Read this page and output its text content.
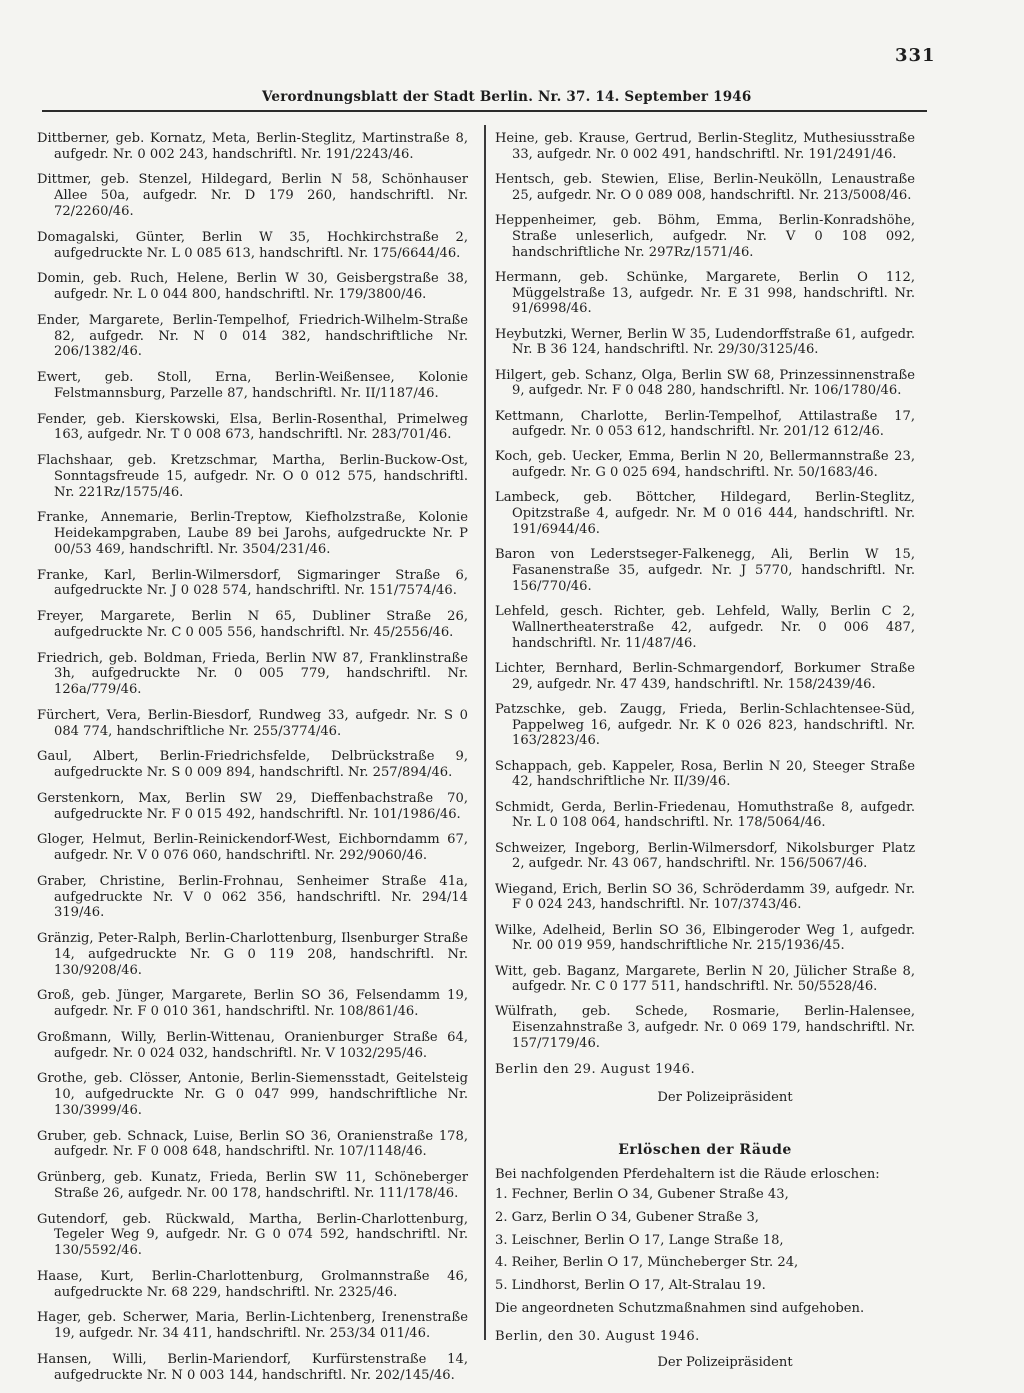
331
Verordnungsblatt der Stadt Berlin. Nr. 37. 14. September 1946

Dittberner, geb. Kornatz, Meta, Berlin-Steglitz, Martinstraße 8, aufgedr. Nr. 0 002 243, handschriftl. Nr. 191/2243/46.

Dittmer, geb. Stenzel, Hildegard, Berlin N 58, Schönhauser Allee 50a, aufgedr. Nr. D 179 260, handschriftl. Nr. 72/2260/46.

Domagalski, Günter, Berlin W 35, Hochkirchstraße 2, aufgedruckte Nr. L 0 085 613, handschriftl. Nr. 175/6644/46.

Domin, geb. Ruch, Helene, Berlin W 30, Geisbergstraße 38, aufgedr. Nr. L 0 044 800, handschriftl. Nr. 179/3800/46.

Ender, Margarete, Berlin-Tempelhof, Friedrich-Wilhelm-Straße 82, aufgedr. Nr. N 0 014 382, handschriftliche Nr. 206/1382/46.

Ewert, geb. Stoll, Erna, Berlin-Weißensee, Kolonie Felstmannsburg, Parzelle 87, handschriftl. Nr. II/1187/46.

Fender, geb. Kierskowski, Elsa, Berlin-Rosenthal, Primelweg 163, aufgedr. Nr. T 0 008 673, handschriftl. Nr. 283/701/46.

Flachshaar, geb. Kretzschmar, Martha, Berlin-Buckow-Ost, Sonntagsfreude 15, aufgedr. Nr. O 0 012 575, handschriftl. Nr. 221Rz/1575/46.

Franke, Annemarie, Berlin-Treptow, Kiefholzstraße, Kolonie Heidekampgraben, Laube 89 bei Jarohs, aufgedruckte Nr. P 00/53 469, handschriftl. Nr. 3504/231/46.

Franke, Karl, Berlin-Wilmersdorf, Sigmaringer Straße 6, aufgedruckte Nr. J 0 028 574, handschriftl. Nr. 151/7574/46.

Freyer, Margarete, Berlin N 65, Dubliner Straße 26, aufgedruckte Nr. C 0 005 556, handschriftl. Nr. 45/2556/46.

Friedrich, geb. Boldman, Frieda, Berlin NW 87, Franklinstraße 3h, aufgedruckte Nr. 0 005 779, handschriftl. Nr. 126a/779/46.

Fürchert, Vera, Berlin-Biesdorf, Rundweg 33, aufgedr. Nr. S 0 084 774, handschriftliche Nr. 255/3774/46.

Gaul, Albert, Berlin-Friedrichsfelde, Delbrückstraße 9, aufgedruckte Nr. S 0 009 894, handschriftl. Nr. 257/894/46.

Gerstenkorn, Max, Berlin SW 29, Dieffenbachstraße 70, aufgedruckte Nr. F 0 015 492, handschriftl. Nr. 101/1986/46.

Gloger, Helmut, Berlin-Reinickendorf-West, Eichborndamm 67, aufgedr. Nr. V 0 076 060, handschriftl. Nr. 292/9060/46.

Graber, Christine, Berlin-Frohnau, Senheimer Straße 41a, aufgedruckte Nr. V 0 062 356, handschriftl. Nr. 294/14 319/46.

Gränzig, Peter-Ralph, Berlin-Charlottenburg, Ilsenburger Straße 14, aufgedruckte Nr. G 0 119 208, handschriftl. Nr. 130/9208/46.

Groß, geb. Jünger, Margarete, Berlin SO 36, Felsendamm 19, aufgedr. Nr. F 0 010 361, handschriftl. Nr. 108/861/46.

Großmann, Willy, Berlin-Wittenau, Oranienburger Straße 64, aufgedr. Nr. 0 024 032, handschriftl. Nr. V 1032/295/46.

Grothe, geb. Clösser, Antonie, Berlin-Siemensstadt, Geitelsteig 10, aufgedruckte Nr. G 0 047 999, handschriftliche Nr. 130/3999/46.

Gruber, geb. Schnack, Luise, Berlin SO 36, Oranienstraße 178, aufgedr. Nr. F 0 008 648, handschriftl. Nr. 107/1148/46.

Grünberg, geb. Kunatz, Frieda, Berlin SW 11, Schöneberger Straße 26, aufgedr. Nr. 00 178, handschriftl. Nr. 111/178/46.

Gutendorf, geb. Rückwald, Martha, Berlin-Charlottenburg, Tegeler Weg 9, aufgedr. Nr. G 0 074 592, handschriftl. Nr. 130/5592/46.

Haase, Kurt, Berlin-Charlottenburg, Grolmannstraße 46, aufgedruckte Nr. 68 229, handschriftl. Nr. 2325/46.

Hager, geb. Scherwer, Maria, Berlin-Lichtenberg, Irenenstraße 19, aufgedr. Nr. 34 411, handschriftl. Nr. 253/34 011/46.

Hansen, Willi, Berlin-Mariendorf, Kurfürstenstraße 14, aufgedruckte Nr. N 0 003 144, handschriftl. Nr. 202/145/46.

Heine, geb. Krause, Gertrud, Berlin-Steglitz, Muthesiusstraße 33, aufgedr. Nr. 0 002 491, handschriftl. Nr. 191/2491/46.

Hentsch, geb. Stewien, Elise, Berlin-Neukölln, Lenaustraße 25, aufgedr. Nr. O 0 089 008, handschriftl. Nr. 213/5008/46.

Heppenheimer, geb. Böhm, Emma, Berlin-Konradshöhe, Straße unleserlich, aufgedr. Nr. V 0 108 092, handschriftliche Nr. 297Rz/1571/46.

Hermann, geb. Schünke, Margarete, Berlin O 112, Müggelstraße 13, aufgedr. Nr. E 31 998, handschriftl. Nr. 91/6998/46.

Heybutzki, Werner, Berlin W 35, Ludendorffstraße 61, aufgedr. Nr. B 36 124, handschriftl. Nr. 29/30/3125/46.

Hilgert, geb. Schanz, Olga, Berlin SW 68, Prinzessinnenstraße 9, aufgedr. Nr. F 0 048 280, handschriftl. Nr. 106/1780/46.

Kettmann, Charlotte, Berlin-Tempelhof, Attilastraße 17, aufgedr. Nr. 0 053 612, handschriftl. Nr. 201/12 612/46.

Koch, geb. Uecker, Emma, Berlin N 20, Bellermannstraße 23, aufgedr. Nr. G 0 025 694, handschriftl. Nr. 50/1683/46.

Lambeck, geb. Böttcher, Hildegard, Berlin-Steglitz, Opitzstraße 4, aufgedr. Nr. M 0 016 444, handschriftl. Nr. 191/6944/46.

Baron von Lederstseger-Falkenegg, Ali, Berlin W 15, Fasanenstraße 35, aufgedr. Nr. J 5770, handschriftl. Nr. 156/770/46.

Lehfeld, gesch. Richter, geb. Lehfeld, Wally, Berlin C 2, Wallnertheaterstraße 42, aufgedr. Nr. 0 006 487, handschriftl. Nr. 11/487/46.

Lichter, Bernhard, Berlin-Schmargendorf, Borkumer Straße 29, aufgedr. Nr. 47 439, handschriftl. Nr. 158/2439/46.

Patzschke, geb. Zaugg, Frieda, Berlin-Schlachtensee-Süd, Pappelweg 16, aufgedr. Nr. K 0 026 823, handschriftl. Nr. 163/2823/46.

Schappach, geb. Kappeler, Rosa, Berlin N 20, Steeger Straße 42, handschriftliche Nr. II/39/46.

Schmidt, Gerda, Berlin-Friedenau, Homuthstraße 8, aufgedr. Nr. L 0 108 064, handschriftl. Nr. 178/5064/46.

Schweizer, Ingeborg, Berlin-Wilmersdorf, Nikolsburger Platz 2, aufgedr. Nr. 43 067, handschriftl. Nr. 156/5067/46.

Wiegand, Erich, Berlin SO 36, Schröderdamm 39, aufgedr. Nr. F 0 024 243, handschriftl. Nr. 107/3743/46.

Wilke, Adelheid, Berlin SO 36, Elbingeroder Weg 1, aufgedr. Nr. 00 019 959, handschriftliche Nr. 215/1936/45.

Witt, geb. Baganz, Margarete, Berlin N 20, Jülicher Straße 8, aufgedr. Nr. C 0 177 511, handschriftl. Nr. 50/5528/46.

Wülfrath, geb. Schede, Rosmarie, Berlin-Halensee, Eisenzahnstraße 3, aufgedr. Nr. 0 069 179, handschriftl. Nr. 157/7179/46.

Berlin den 29. August 1946.
Der Polizeipräsident
Erlöschen der Räude
Bei nachfolgenden Pferdehaltern ist die Räude erloschen:
1. Fechner, Berlin O 34, Gubener Straße 43,
2. Garz, Berlin O 34, Gubener Straße 3,
3. Leischner, Berlin O 17, Lange Straße 18,
4. Reiher, Berlin O 17, Müncheberger Str. 24,
5. Lindhorst, Berlin O 17, Alt-Stralau 19.
Die angeordneten Schutzmaßnahmen sind aufgehoben.
Berlin, den 30. August 1946.
Der Polizeipräsident
